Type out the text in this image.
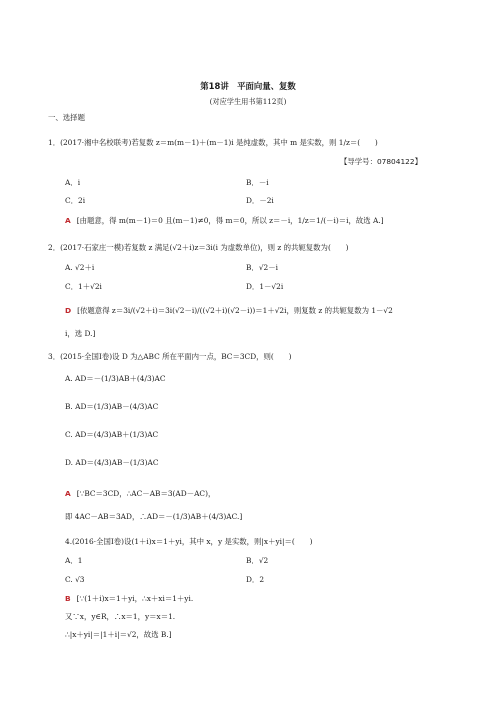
第18讲　平面向量、复数
(对应学生用书第112页)
一、选择题
1．(2017·湘中名校联考)若复数 z＝m(m－1)＋(m－1)i 是纯虚数，其中 m 是实数，则 1/z＝(　　)
【导学号：07804122】
A．i	B．－i
C．2i	D．－2i
A [由题意，得 m(m－1)＝0 且(m－1)≠0，得 m＝0，所以 z＝－i，1/z＝1/(－i)＝i，故选 A.]
2．(2017·石家庄一模)若复数 z 满足(√2＋i)z＝3i(i 为虚数单位)，则 z 的共轭复数为(　　)
A. √2＋i	B．√2－i
C．1＋√2i	D．1－√2i
D [依题意得 z＝3i/(√2＋i)＝3i(√2－i)/((√2＋i)(√2－i))＝1＋√2i，则复数 z 的共轭复数为 1－√2
i，选 D.]
3．(2015·全国Ⅰ卷)设 D 为△ABC 所在平面内一点，BC＝3CD，则(　　)
A. AD＝－(1/3)AB＋(4/3)AC
B. AD＝(1/3)AB－(4/3)AC
C. AD＝(4/3)AB＋(1/3)AC
D. AD＝(4/3)AB－(1/3)AC
A [∵BC＝3CD，∴AC－AB＝3(AD－AC)，
即 4AC－AB＝3AD，∴AD＝－(1/3)AB＋(4/3)AC.]
4.(2016·全国Ⅰ卷)设(1＋i)x＝1＋yi，其中 x，y 是实数，则|x＋yi|＝(　　)
A．1	B．√2
C. √3	D．2
B [∵(1＋i)x＝1＋yi，∴x＋xi＝1＋yi.
又∵x，y∈R，∴x＝1，y＝x＝1.
∴|x＋yi|＝|1＋i|＝√2，故选 B.]
